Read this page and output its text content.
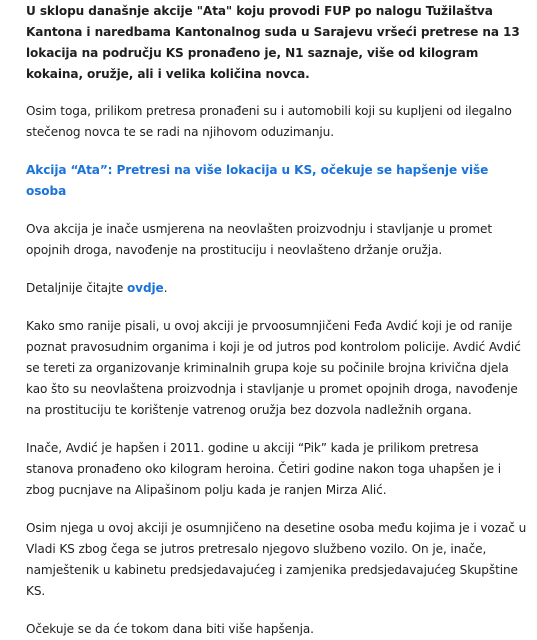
U sklopu današnje akcije "Ata" koju provodi FUP po nalogu Tužilaštva Kantona i naredbama Kantonalnog suda u Sarajevu vršeći pretrese na 13 lokacija na području KS pronađeno je, N1 saznaje, više od kilogram kokaina, oružje, ali i velika količina novca.

Osim toga, prilikom pretresa pronađeni su i automobili koji su kupljeni od ilegalno stečenog novca te se radi na njihovom oduzimanju.

Akcija “Ata”: Pretresi na više lokacija u KS, očekuje se hapšenje više osoba

Ova akcija je inače usmjerena na neovlašten proizvodnju i stavljanje u promet opojnih droga, navođenje na prostituciju i neovlašteno držanje oružja.

Detaljnije čitajte ovdje.

Kako smo ranije pisali, u ovoj akciji je prvoosumnjičeni Feđa Avdić koji je od ranije poznat pravosudnim organima i koji je od jutros pod kontrolom policije. Avdić Avdić se tereti za organizovanje kriminalnih grupa koje su počinile brojna krivična djela kao što su neovlaštena proizvodnja i stavljanje u promet opojnih droga, navođenje na prostituciju te korištenje vatrenog oružja bez dozvola nadležnih organa.

Inače, Avdić je hapšen i 2011. godine u akciji “Pik” kada je prilikom pretresa stanova pronađeno oko kilogram heroina. Četiri godine nakon toga uhapšen je i zbog pucnjave na Alipašinom polju kada je ranjen Mirza Alić.

Osim njega u ovoj akciji je osumnjičeno na desetine osoba među kojima je i vozač u Vladi KS zbog čega se jutros pretresalo njegovo službeno vozilo. On je, inače, namještenik u kabinetu predsjedavajućeg i zamjenika predsjedavajućeg Skupštine KS.

Očekuje se da će tokom dana biti više hapšenja.
